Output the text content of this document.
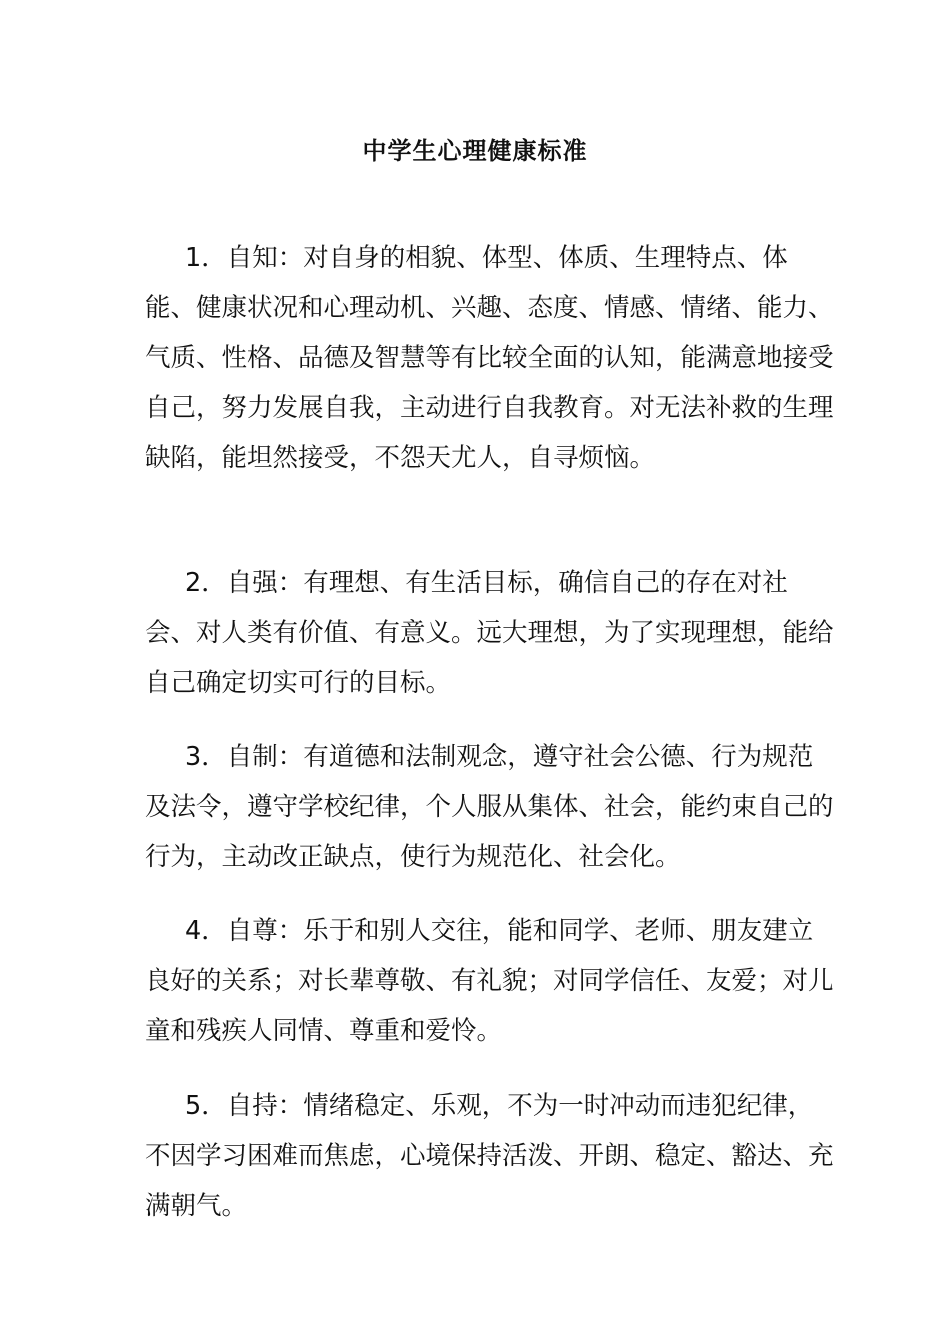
中学生心理健康标准

1．自知：对自身的相貌、体型、体质、生理特点、体能、健康状况和心理动机、兴趣、态度、情感、情绪、能力、气质、性格、品德及智慧等有比较全面的认知，能满意地接受自己，努力发展自我，主动进行自我教育。对无法补救的生理缺陷，能坦然接受，不怨天尤人，自寻烦恼。

2．自强：有理想、有生活目标，确信自己的存在对社会、对人类有价值、有意义。远大理想，为了实现理想，能给自己确定切实可行的目标。

3．自制：有道德和法制观念，遵守社会公德、行为规范及法令，遵守学校纪律，个人服从集体、社会，能约束自己的行为，主动改正缺点，使行为规范化、社会化。

4．自尊：乐于和别人交往，能和同学、老师、朋友建立良好的关系；对长辈尊敬、有礼貌；对同学信任、友爱；对儿童和残疾人同情、尊重和爱怜。

5．自持：情绪稳定、乐观，不为一时冲动而违犯纪律，不因学习困难而焦虑，心境保持活泼、开朗、稳定、豁达、充满朝气。
